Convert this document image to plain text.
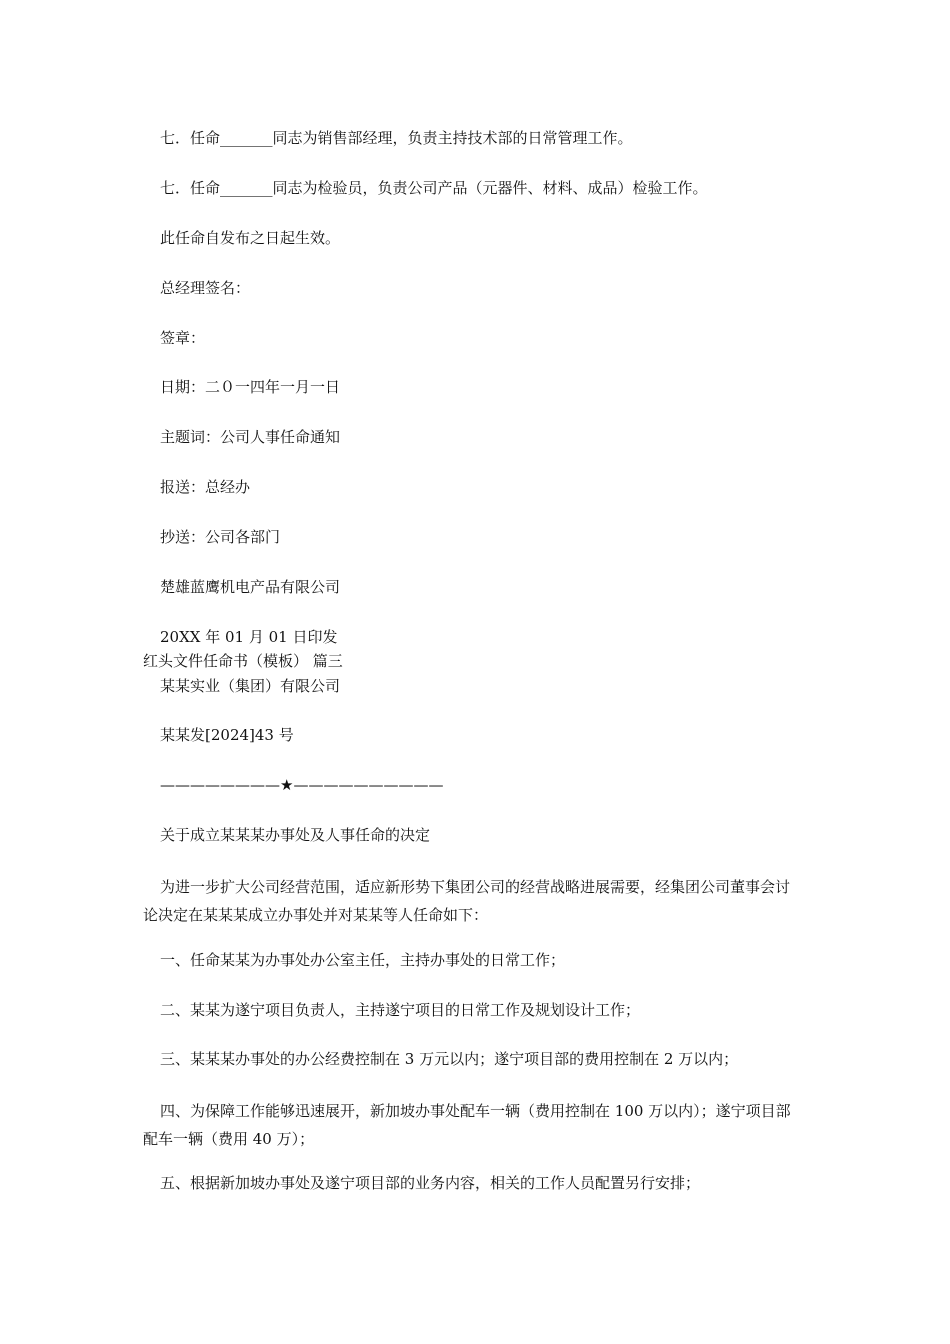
七．任命_______同志为销售部经理，负责主持技术部的日常管理工作。

七．任命_______同志为检验员，负责公司产品（元器件、材料、成品）检验工作。

此任命自发布之日起生效。

总经理签名：

签章：

日期：二０一四年一月一日

主题词：公司人事任命通知

报送：总经办

抄送：公司各部门

楚雄蓝鹰机电产品有限公司

20XX 年 01 月 01 日印发

红头文件任命书（模板） 篇三

某某实业（集团）有限公司

某某发[2024]43 号

————————★——————————

关于成立某某某办事处及人事任命的决定

为进一步扩大公司经营范围，适应新形势下集团公司的经营战略进展需要，经集团公司董事会讨论决定在某某某成立办事处并对某某等人任命如下：

一、任命某某为办事处办公室主任，主持办事处的日常工作；

二、某某为遂宁项目负责人，主持遂宁项目的日常工作及规划设计工作；

三、某某某办事处的办公经费控制在 3 万元以内；遂宁项目部的费用控制在 2 万以内；

四、为保障工作能够迅速展开，新加坡办事处配车一辆（费用控制在 100 万以内）；遂宁项目部配车一辆（费用 40 万）；

五、根据新加坡办事处及遂宁项目部的业务内容，相关的工作人员配置另行安排；
